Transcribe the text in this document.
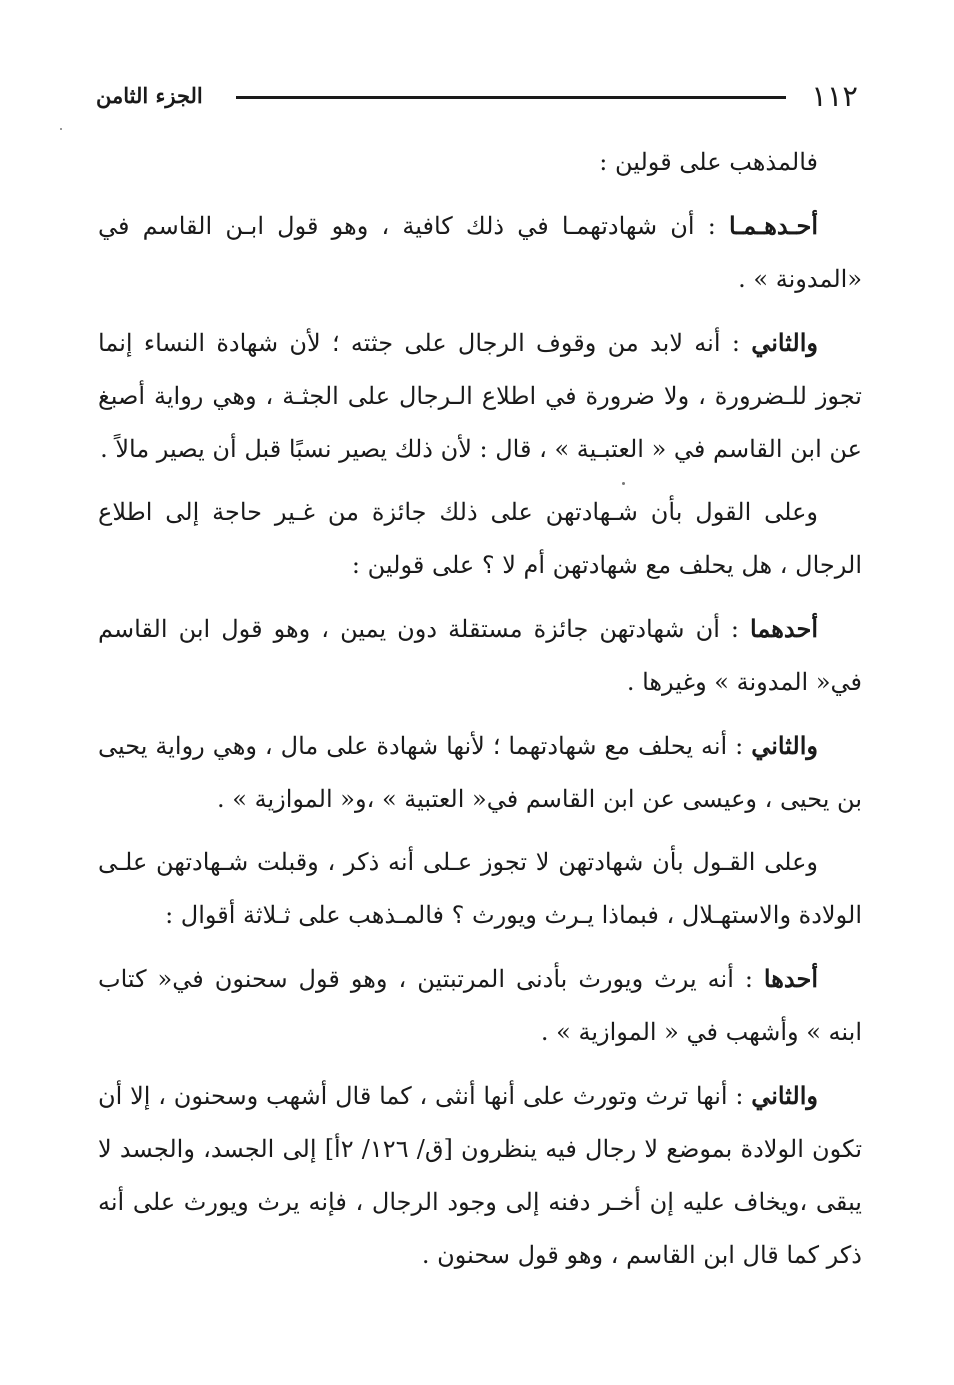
١١٢
الجزء الثامن

فالمذهب على قولين :

أحـدهـمـا : أن شهادتهمـا في ذلك كافية ، وهو قول ابـن القاسم في «المدونة » .

والثاني : أنه لابد من وقوف الرجال على جثته ؛ لأن شهادة النساء إنما تجوز للـضرورة ، ولا ضرورة في اطلاع الـرجال على الجثـة ، وهي رواية أصبغ عن ابن القاسم في « العتبـية » ، قال : لأن ذلك يصير نسبًا قبل أن يصير مالاً .

وعلى القول بأن شـهادتهن على ذلك جائزة من غـير حاجة إلى اطلاع الرجال ، هل يحلف مع شهادتهن أم لا ؟ على قولين :

أحدهما : أن شهادتهن جائزة مستقلة دون يمين ، وهو قول ابن القاسم في« المدونة » وغيرها .

والثاني : أنه يحلف مع شهادتهما ؛ لأنها شهادة على مال ، وهي رواية يحيى بن يحيى ، وعيسى عن ابن القاسم في« العتبية » ،و« الموازية » .

وعلى القـول بأن شهادتهن لا تجوز عـلى أنه ذكر ، وقبلت شـهادتهن علـى الولادة والاستهـلال ، فبماذا يـرث ويورث ؟ فالمـذهب على ثـلاثة أقوال :

أحدها : أنه يرث ويورث بأدنى المرتبتين ، وهو قول سحنون في« كتاب ابنه » وأشهب في « الموازية » .

والثاني : أنها ترث وتورث على أنها أنثى ، كما قال أشهب وسحنون ، إلا أن تكون الولادة بموضع لا رجال فيه ينظرون [ق/ ١٢٦/ ٢أ] إلى الجسد، والجسد لا يبقى ،ويخاف عليه إن أخـر دفنه إلى وجود الرجال ، فإنه يرث ويورث على أنه ذكر كما قال ابن القاسم ، وهو قول سحنون .
